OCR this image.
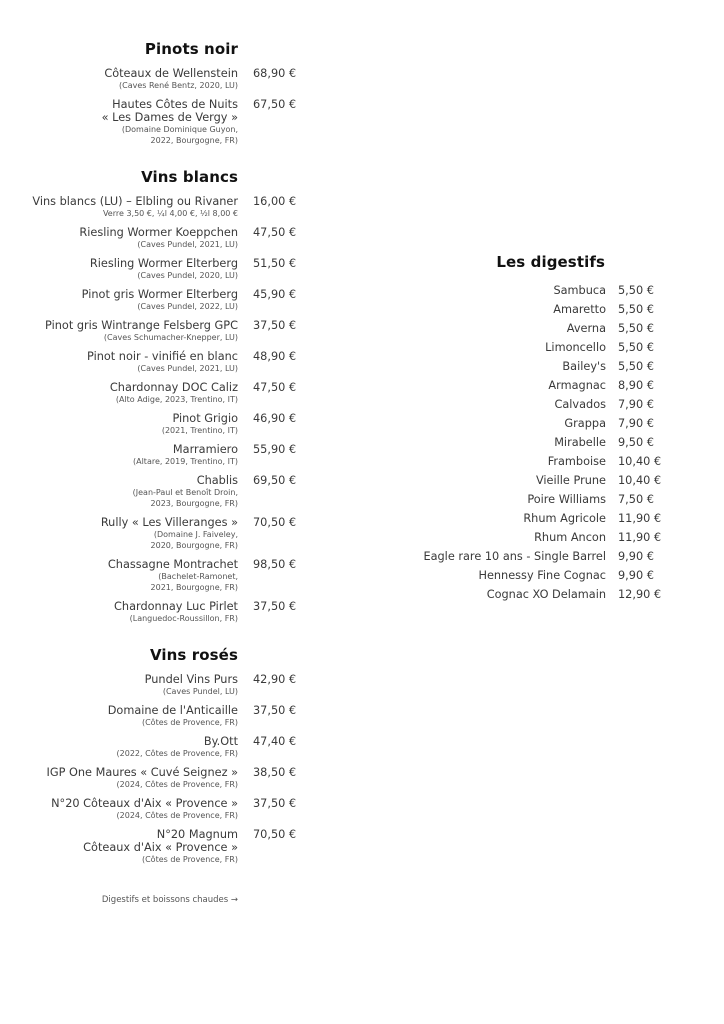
Pinots noir
Côteaux de Wellenstein
(Caves René Bentz, 2020, LU)
68,90 €
Hautes Côtes de Nuits
« Les Dames de Vergy »
(Domaine Dominique Guyon,
2022, Bourgogne, FR)
67,50 €
Vins blancs
Vins blancs (LU) – Elbling ou Rivaner
Verre 3,50 €, ¼l 4,00 €, ½l 8,00 €
16,00 €
Riesling Wormer Koeppchen
(Caves Pundel, 2021, LU)
47,50 €
Riesling Wormer Elterberg
(Caves Pundel, 2020, LU)
51,50 €
Pinot gris Wormer Elterberg
(Caves Pundel, 2022, LU)
45,90 €
Pinot gris Wintrange Felsberg GPC
(Caves Schumacher-Knepper, LU)
37,50 €
Pinot noir - vinifié en blanc
(Caves Pundel, 2021, LU)
48,90 €
Chardonnay DOC Caliz
(Alto Adige, 2023, Trentino, IT)
47,50 €
Pinot Grigio
(2021, Trentino, IT)
46,90 €
Marramiero
(Altare, 2019, Trentino, IT)
55,90 €
Chablis
(Jean-Paul et Benoît Droin,
2023, Bourgogne, FR)
69,50 €
Rully « Les Villeranges »
(Domaine J. Faiveley,
2020, Bourgogne, FR)
70,50 €
Chassagne Montrachet
(Bachelet-Ramonet,
2021, Bourgogne, FR)
98,50 €
Chardonnay Luc Pirlet
(Languedoc-Roussillon, FR)
37,50 €
Vins rosés
Pundel Vins Purs
(Caves Pundel, LU)
42,90 €
Domaine de l'Anticaille
(Côtes de Provence, FR)
37,50 €
By.Ott
(2022, Côtes de Provence, FR)
47,40 €
IGP One Maures « Cuvé Seignez »
(2024, Côtes de Provence, FR)
38,50 €
N°20 Côteaux d'Aix « Provence »
(2024, Côtes de Provence, FR)
37,50 €
N°20 Magnum
Côteaux d'Aix « Provence »
(Côtes de Provence, FR)
70,50 €
Digestifs et boissons chaudes →
Les digestifs
Sambuca 5,50 €
Amaretto 5,50 €
Averna 5,50 €
Limoncello 5,50 €
Bailey's 5,50 €
Armagnac 8,90 €
Calvados 7,90 €
Grappa 7,90 €
Mirabelle 9,50 €
Framboise 10,40 €
Vieille Prune 10,40 €
Poire Williams 7,50 €
Rhum Agricole 11,90 €
Rhum Ancon 11,90 €
Eagle rare 10 ans - Single Barrel 9,90 €
Hennessy Fine Cognac 9,90 €
Cognac XO Delamain 12,90 €
